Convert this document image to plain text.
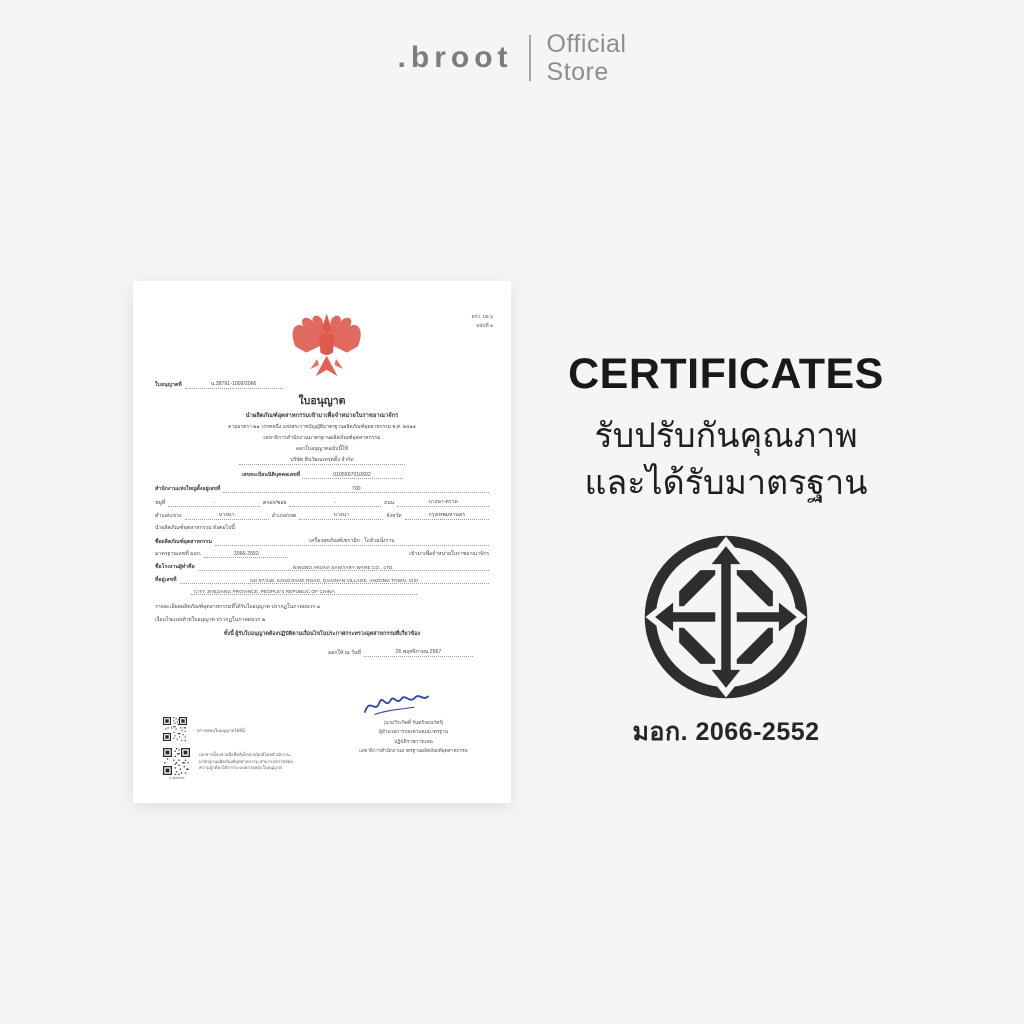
.broot Official
Store
ตรว. มอ.๖
ฉบับที่ ๑
ใบอนุญาตที่	น.38791-1009/2066
ใบอนุญาต
นำผลิตภัณฑ์อุตสาหกรรมเข้ามาเพื่อจำหน่ายในราชอาณาจักร
ตามมาตรา ๒๑ วรรคหนึ่ง แห่งพระราชบัญญัติมาตรฐานผลิตภัณฑ์อุตสาหกรรม พ.ศ. ๒๕๑๑
เลขาธิการสำนักงานมาตรฐานผลิตภัณฑ์อุตสาหกรรม
ออกใบอนุญาตฉบับนี้ให้
บริษัท สินวัฒนเทรดดิ้ง จำกัด
เลขทะเบียนนิติบุคคลเลขที่	0105567010602
สำนักงานแห่งใหญ่ตั้งอยู่เลขที่	700
หมู่ที่	-	ตรอก/ซอย	-	ถนน	บางนา-ตราด
ตำบล/แขวง	บางนา	อำเภอ/เขต	บางนา	จังหวัด	กรุงเทพมหานคร
นำผลิตภัณฑ์อุตสาหกรรม ดังต่อไปนี้
ชื่อผลิตภัณฑ์อุตสาหกรรม	เครื่องสุขภัณฑ์เซรามิก : โถส้วมนั่งราบ
มาตรฐานเลขที่ มอก.	2066-2552	เข้ามาเพื่อจำหน่ายในราชอาณาจักร
ชื่อโรงงานผู้ทำคือ	NINGBO ARUNA SANITARY WARE CO., LTD.
ที่อยู่เลขที่	NO.97/148, SANGJIANG ROAD, QIAONAN VILLAGE, ANZONG TOWN, CIXI
CITY, ZHEJIANG PROVINCE, PEOPLE'S REPUBLIC OF CHINA
รายละเอียดผลิตภัณฑ์อุตสาหกรรมที่ได้รับใบอนุญาต ปรากฏในภาคผนวก ๑
เงื่อนไขแนบท้ายใบอนุญาต ปรากฏในภาคผนวก ๒
ทั้งนี้ ผู้รับใบอนุญาตต้องปฏิบัติตามเงื่อนไขในประกาศกระทรวงอุตสาหกรรมที่เกี่ยวข้อง
ออกให้ ณ วันที่	26 พฤศจิกายน 2567
(นายวีระกิตติ์ รันทกิจธนวัชร์)
ผู้อำนวยการกองควบคุมมาตรฐาน
ปฏิบัติราชการแทน
เลขาธิการสำนักงานมาตรฐานผลิตภัณฑ์อุตสาหกรรม
ตรวจสอบใบอนุญาตได้ที่นี่
เอกสารนี้ลงลายมือชื่ออิเล็กทรอนิกส์โดยสำนักงาน
มาตรฐานผลิตภัณฑ์อุตสาหกรรม สามารถตรวจสอบ
ความถูกต้องได้จากระบบตรวจสอบใบอนุญาต
e-license
CERTIFICATES

รับปรับกันคุณภาพ
และได้รับมาตรฐาน

มอก. 2066-2552
